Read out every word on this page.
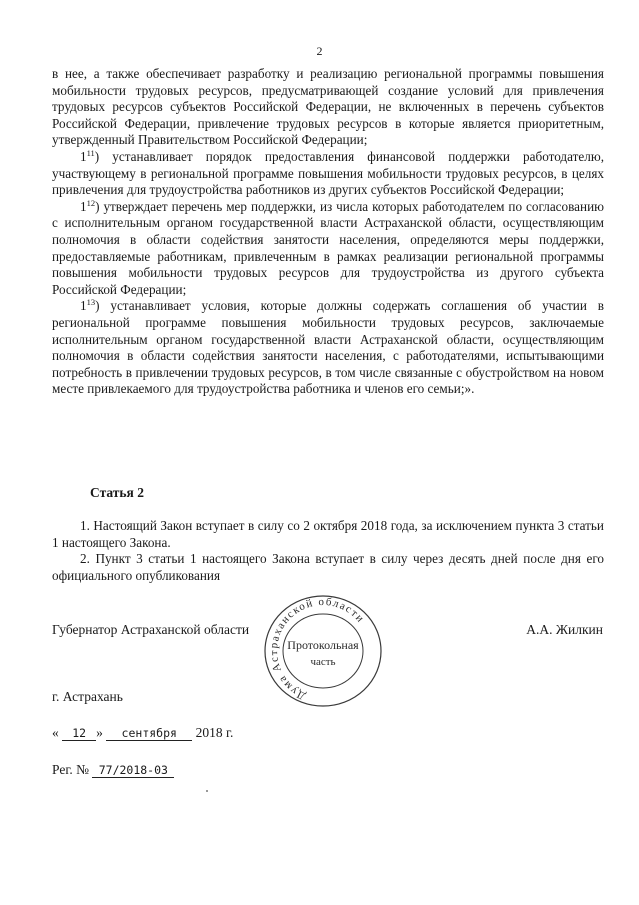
2

в нее, а также обеспечивает разработку и реализацию региональной программы повышения мобильности трудовых ресурсов, предусматривающей создание условий для привлечения трудовых ресурсов субъектов Российской Федерации, не включенных в перечень субъектов Российской Федерации, привлечение трудовых ресурсов в которые является приоритетным, утвержденный Правительством Российской Федерации;

$1^{11}$) устанавливает порядок предоставления финансовой поддержки работодателю, участвующему в региональной программе повышения мобильности трудовых ресурсов, в целях привлечения для трудоустройства работников из других субъектов Российской Федерации;

$1^{12}$) утверждает перечень мер поддержки, из числа которых работодателем по согласованию с исполнительным органом государственной власти Астраханской области, осуществляющим полномочия в области содействия занятости населения, определяются меры поддержки, предоставляемые работникам, привлеченным в рамках реализации региональной программы повышения мобильности трудовых ресурсов для трудоустройства из другого субъекта Российской Федерации;

$1^{13}$) устанавливает условия, которые должны содержать соглашения об участии в региональной программе повышения мобильности трудовых ресурсов, заключаемые исполнительным органом государственной власти Астраханской области, осуществляющим полномочия в области содействия занятости населения, с работодателями, испытывающими потребность в привлечении трудовых ресурсов, в том числе связанные с обустройством на новом месте привлекаемого для трудоустройства работника и членов его семьи;».

Статья 2

1. Настоящий Закон вступает в силу со 2 октября 2018 года, за исключением пункта 3 статьи 1 настоящего Закона.

2. Пункт 3 статьи 1 настоящего Закона вступает в силу через десять дней после дня его официального опубликования

Губернатор Астраханской области	А.А. Жилкин
Дума Астраханской области
Протокольная
часть
г. Астрахань
« 12 » сентября 2018 г.
Рег. № 77/2018-03
